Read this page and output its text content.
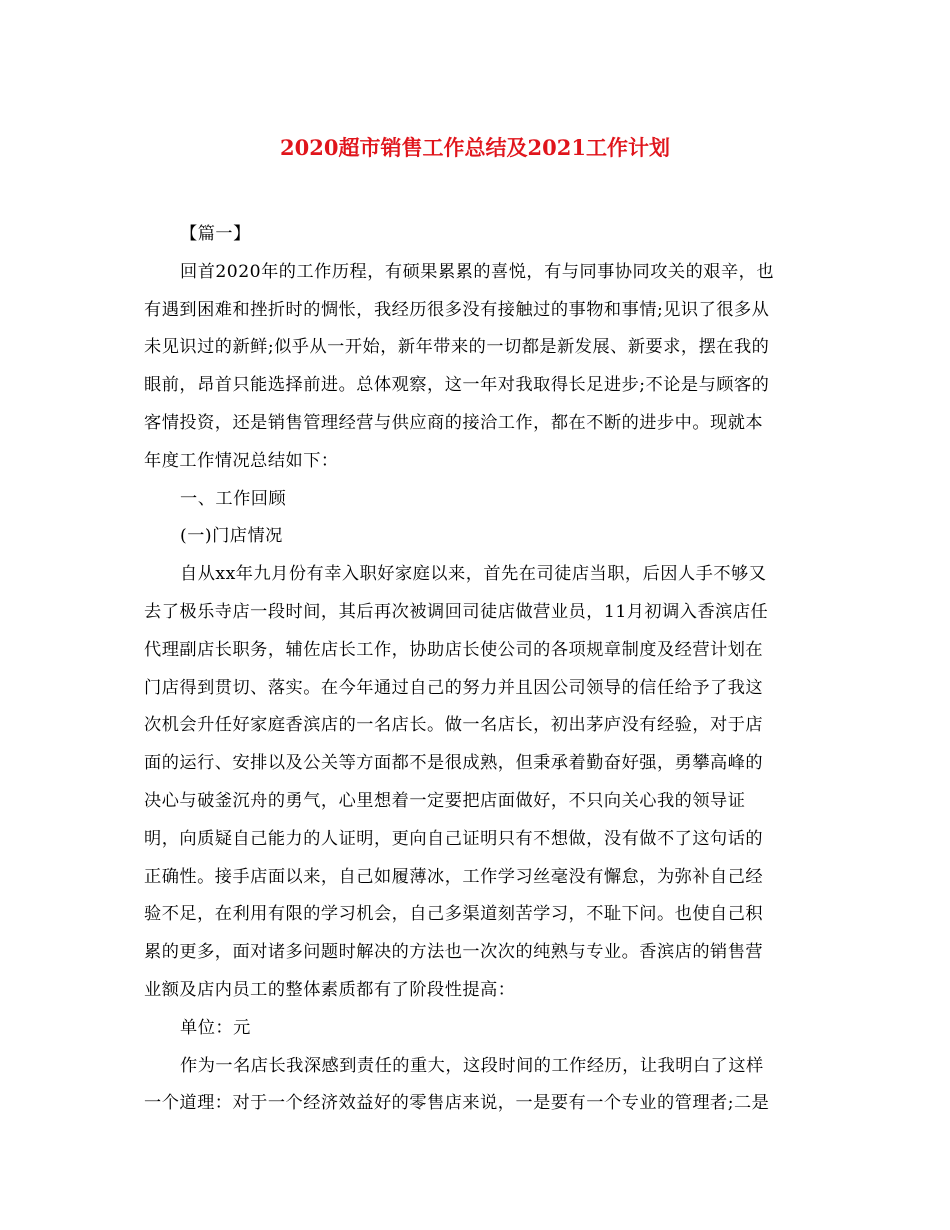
2020超市销售工作总结及2021工作计划
【篇一】
回首2020年的工作历程，有硕果累累的喜悦，有与同事协同攻关的艰辛，也
有遇到困难和挫折时的惆怅，我经历很多没有接触过的事物和事情;见识了很多从
未见识过的新鲜;似乎从一开始，新年带来的一切都是新发展、新要求，摆在我的
眼前，昂首只能选择前进。总体观察，这一年对我取得长足进步;不论是与顾客的
客情投资，还是销售管理经营与供应商的接洽工作，都在不断的进步中。现就本
年度工作情况总结如下：
一、工作回顾
(一)门店情况
自从xx年九月份有幸入职好家庭以来，首先在司徒店当职，后因人手不够又
去了极乐寺店一段时间，其后再次被调回司徒店做营业员，11月初调入香滨店任
代理副店长职务，辅佐店长工作，协助店长使公司的各项规章制度及经营计划在
门店得到贯切、落实。在今年通过自己的努力并且因公司领导的信任给予了我这
次机会升任好家庭香滨店的一名店长。做一名店长，初出茅庐没有经验，对于店
面的运行、安排以及公关等方面都不是很成熟，但秉承着勤奋好强，勇攀高峰的
决心与破釜沉舟的勇气，心里想着一定要把店面做好，不只向关心我的领导证
明，向质疑自己能力的人证明，更向自己证明只有不想做，没有做不了这句话的
正确性。接手店面以来，自己如履薄冰，工作学习丝毫没有懈怠，为弥补自己经
验不足，在利用有限的学习机会，自己多渠道刻苦学习，不耻下问。也使自己积
累的更多，面对诸多问题时解决的方法也一次次的纯熟与专业。香滨店的销售营
业额及店内员工的整体素质都有了阶段性提高：
单位：元
作为一名店长我深感到责任的重大，这段时间的工作经历，让我明白了这样
一个道理：对于一个经济效益好的零售店来说，一是要有一个专业的管理者;二是
